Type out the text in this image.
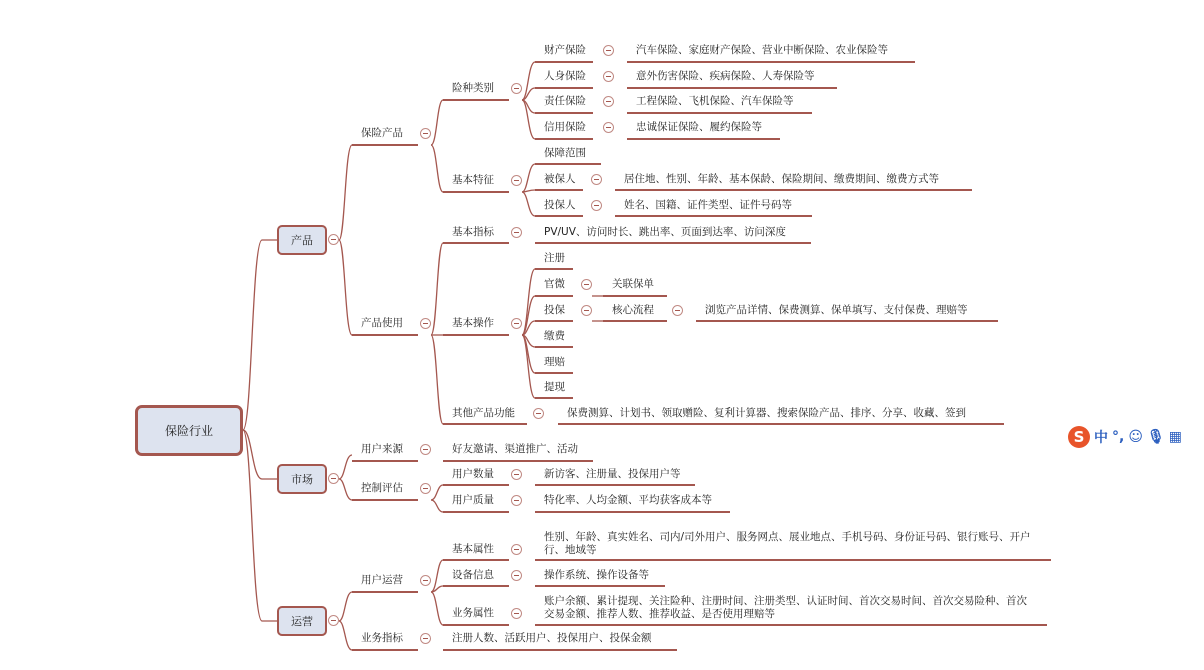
保险行业
产品
市场
运营
保险产品
产品使用
用户来源	好友邀请、渠道推广、活动
控制评估
用户运营
业务指标	注册人数、活跃用户、投保用户、投保金额
险种类别
基本特征
基本指标	PV/UV、访问时长、跳出率、页面到达率、访问深度
基本操作
其他产品功能	保费测算、计划书、领取赠险、复利计算器、搜索保险产品、排序、分享、收藏、签到
用户数量	新访客、注册量、投保用户等
用户质量	特化率、人均金额、平均获客成本等
基本属性
性别、年龄、真实姓名、司内/司外用户、服务网点、展业地点、手机号码、身份证号码、银行账号、开户行、地域等
设备信息	操作系统、操作设备等
业务属性
账户余额、累计提现、关注险种、注册时间、注册类型、认证时间、首次交易时间、首次交易险种、首次交易金额、推荐人数、推荐收益、是否使用理赔等
财产保险	汽车保险、家庭财产保险、营业中断保险、农业保险等
人身保险	意外伤害保险、疾病保险、人寿保险等
责任保险	工程保险、飞机保险、汽车保险等
信用保险	忠诚保证保险、履约保险等
保障范围
被保人	居住地、性别、年龄、基本保龄、保险期间、缴费期间、缴费方式等
投保人	姓名、国籍、证件类型、证件号码等
注册
官微	关联保单
投保	核心流程	浏览产品详情、保费测算、保单填写、支付保费、理赔等
缴费
理赔
提现
S 中 °, ☺ 🎙 ▦
